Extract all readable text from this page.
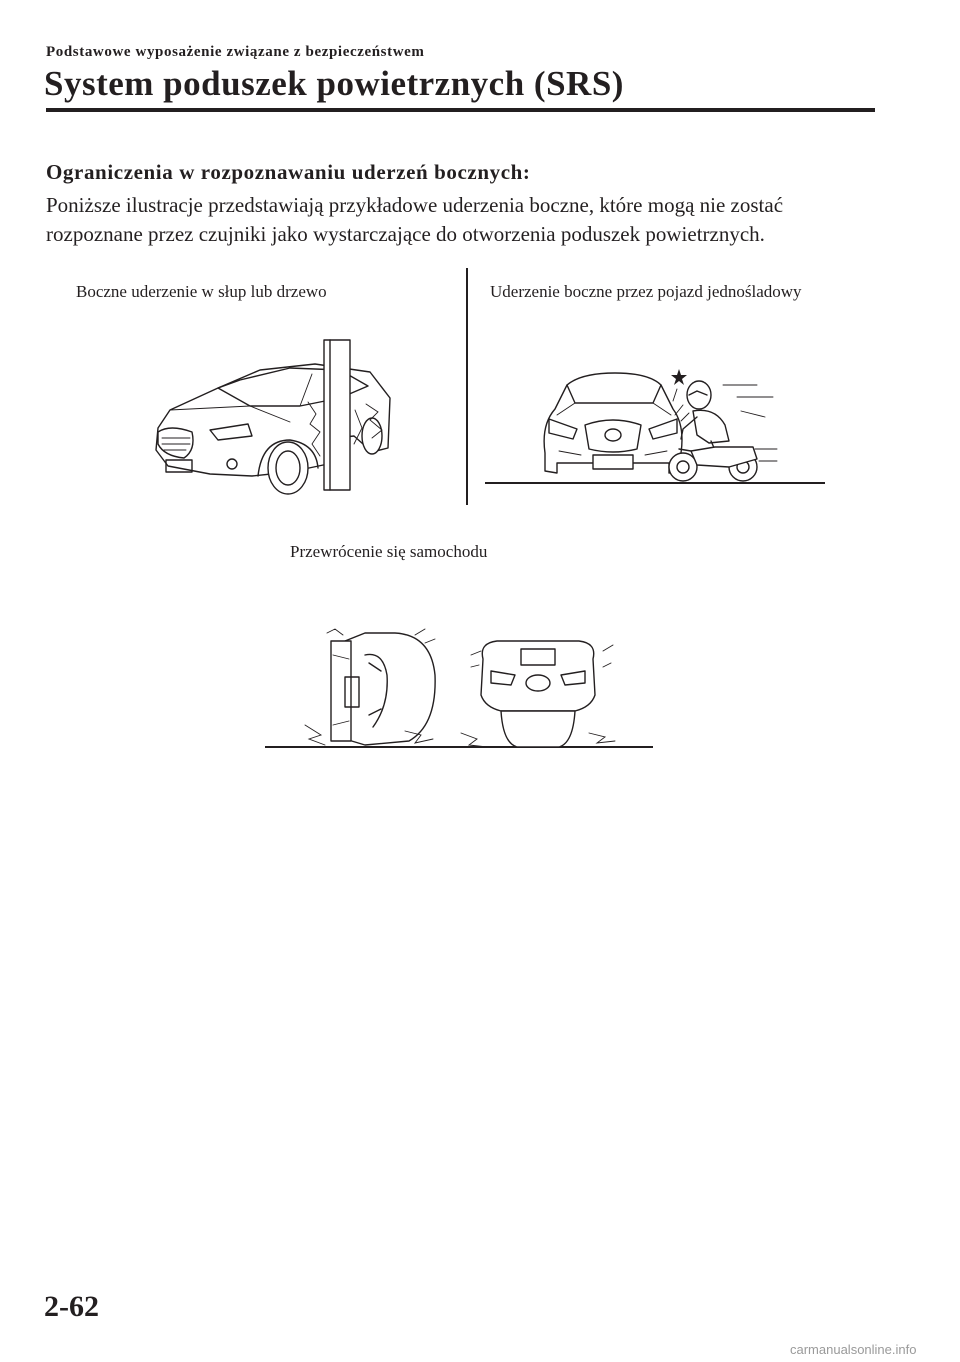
Podstawowe wyposażenie związane z bezpieczeństwem
System poduszek powietrznych (SRS)
Ograniczenia w rozpoznawaniu uderzeń bocznych:
Poniższe ilustracje przedstawiają przykładowe uderzenia boczne, które mogą nie zostać
rozpoznane przez czujniki jako wystarczające do otworzenia poduszek powietrznych.
Boczne uderzenie w słup lub drzewo	Uderzenie boczne przez pojazd jednośladowy
Przewrócenie się samochodu
2-62
carmanualsonline.info
